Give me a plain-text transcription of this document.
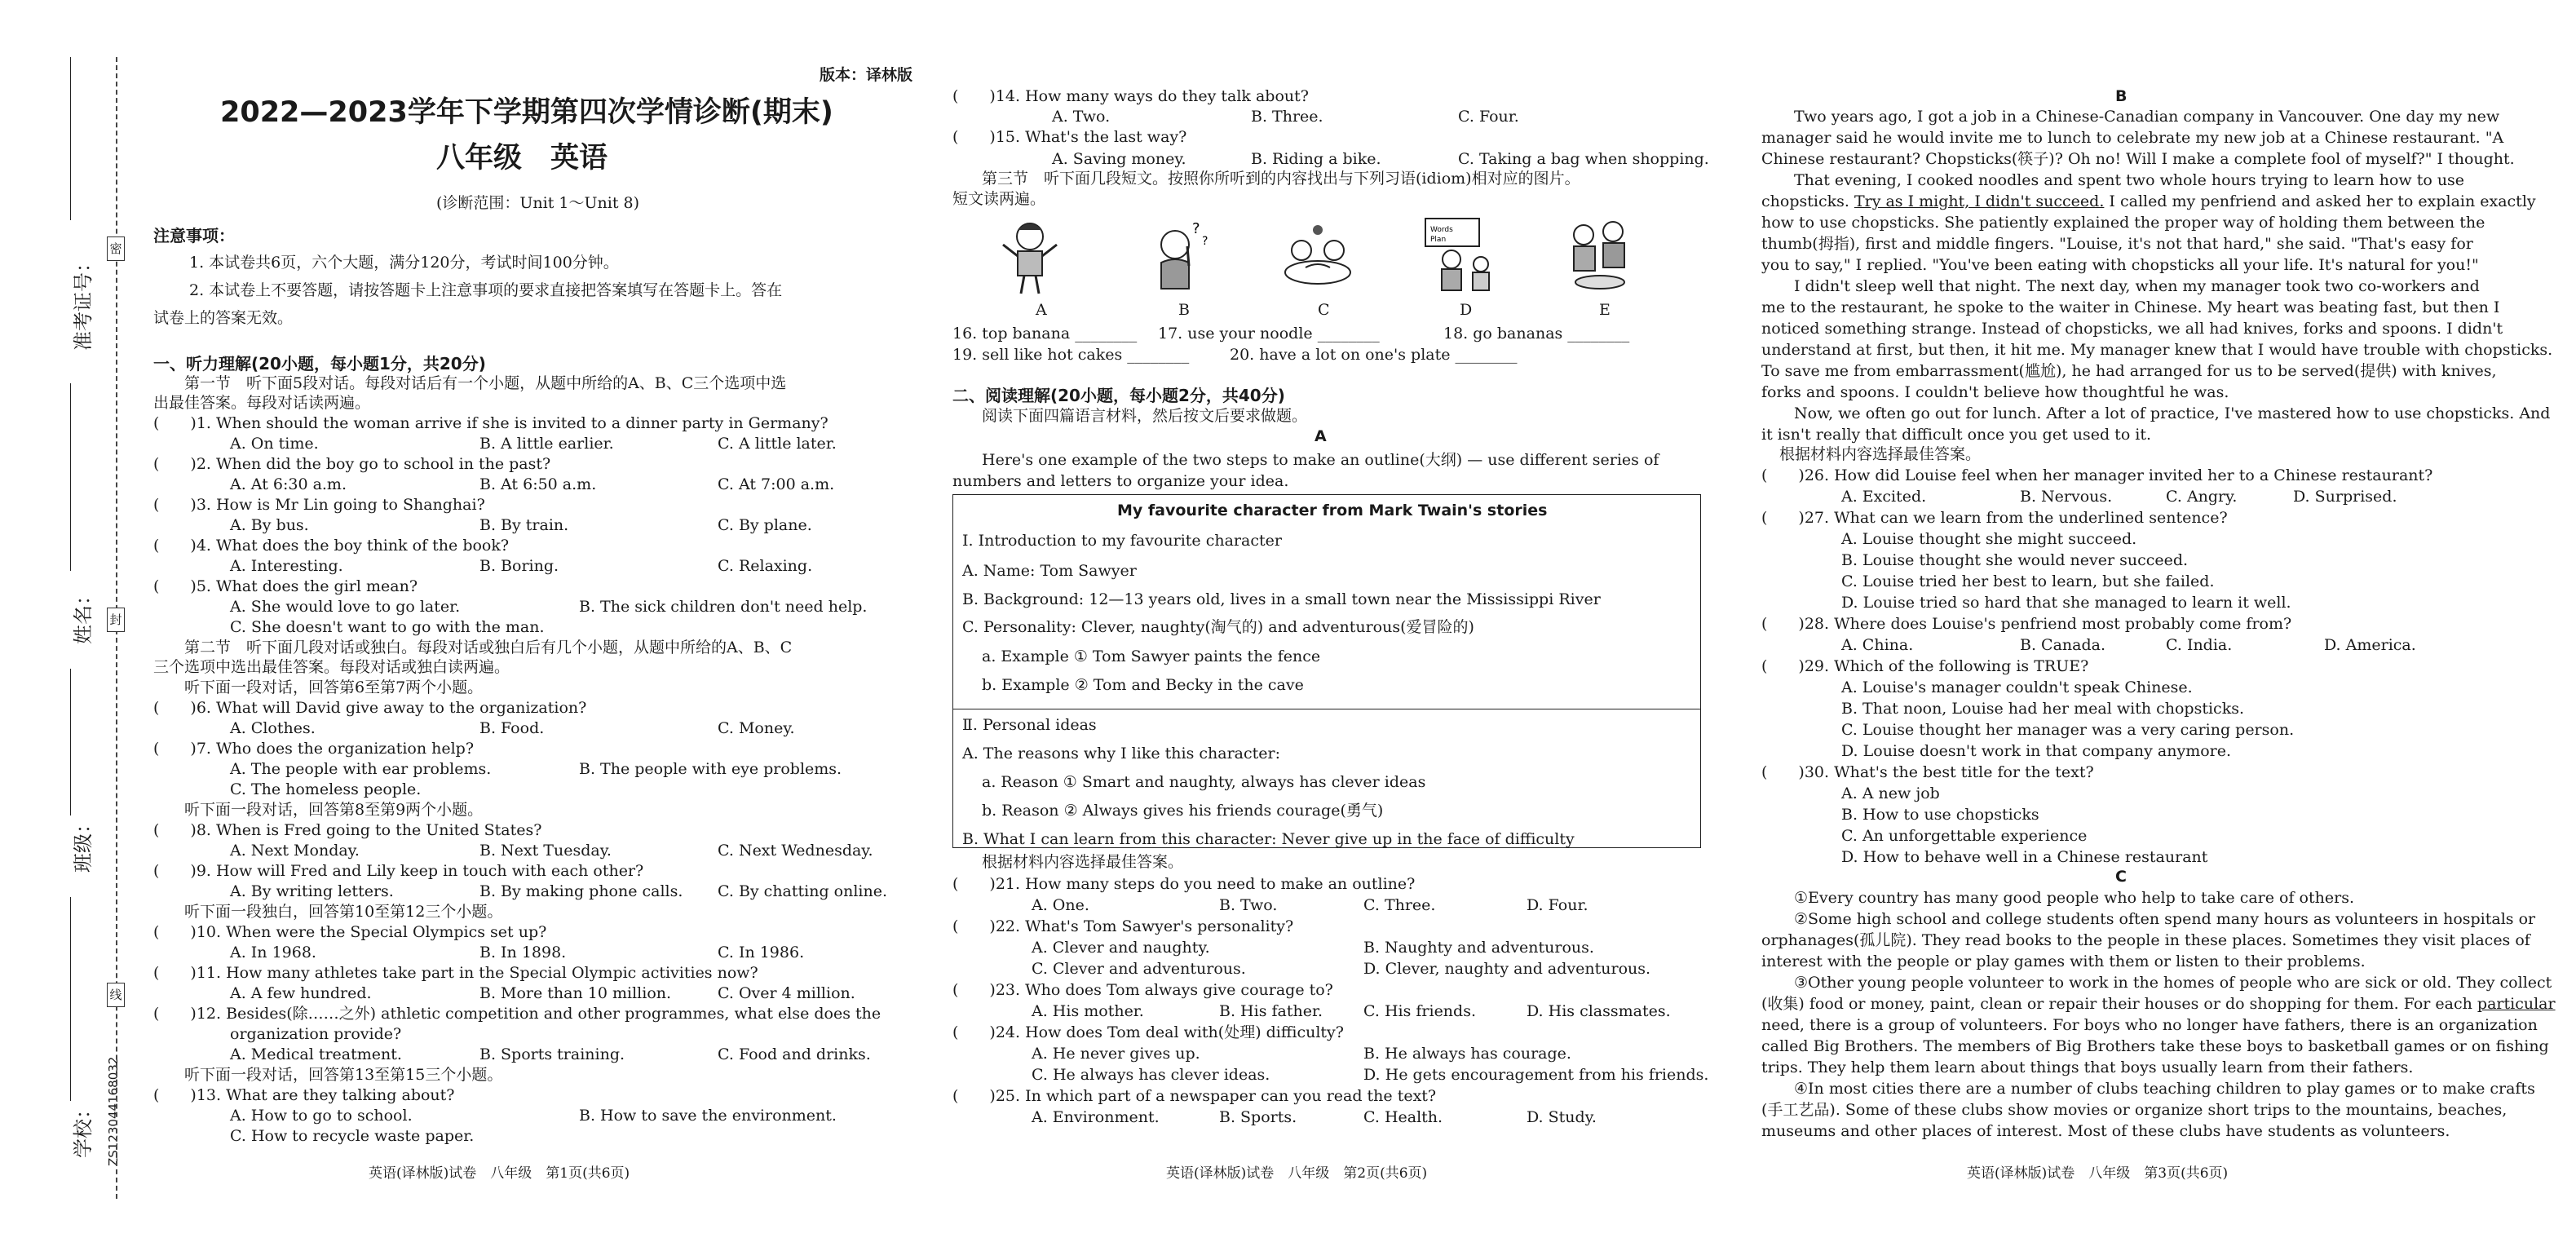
准考证号：
姓名：
班级：
学校： ZS123044168032
密
封
线
版本：译林版
2022—2023学年下学期第四次学情诊断(期末)
八年级　英语
(诊断范围：Unit 1～Unit 8)
注意事项：
1. 本试卷共6页，六个大题，满分120分，考试时间100分钟。
2. 本试卷上不要答题，请按答题卡上注意事项的要求直接把答案填写在答题卡上。答在
试卷上的答案无效。
一、听力理解(20小题，每小题1分，共20分)
第一节　听下面5段对话。每段对话后有一个小题，从题中所给的A、B、C三个选项中选
出最佳答案。每段对话读两遍。
(　　)1. When should the woman arrive if she is invited to a dinner party in Germany?
A. On time.	B. A little earlier.	C. A little later.
(　　)2. When did the boy go to school in the past?
A. At 6:30 a.m.	B. At 6:50 a.m.	C. At 7:00 a.m.
(　　)3. How is Mr Lin going to Shanghai?
A. By bus.	B. By train.	C. By plane.
(　　)4. What does the boy think of the book?
A. Interesting.	B. Boring.	C. Relaxing.
(　　)5. What does the girl mean?
A. She would love to go later.	B. The sick children don't need help.
C. She doesn't want to go with the man.
第二节　听下面几段对话或独白。每段对话或独白后有几个小题，从题中所给的A、B、C
三个选项中选出最佳答案。每段对话或独白读两遍。
听下面一段对话，回答第6至第7两个小题。
(　　)6. What will David give away to the organization?
A. Clothes.	B. Food.	C. Money.
(　　)7. Who does the organization help?
A. The people with ear problems.	B. The people with eye problems.
C. The homeless people.
听下面一段对话，回答第8至第9两个小题。
(　　)8. When is Fred going to the United States?
A. Next Monday.	B. Next Tuesday.	C. Next Wednesday.
(　　)9. How will Fred and Lily keep in touch with each other?
A. By writing letters.	B. By making phone calls. C. By chatting online.
听下面一段独白，回答第10至第12三个小题。
(　　)10. When were the Special Olympics set up?
A. In 1968.	B. In 1898.	C. In 1986.
(　　)11. How many athletes take part in the Special Olympic activities now?
A. A few hundred.	B. More than 10 million.	C. Over 4 million.
(　　)12. Besides(除……之外) athletic competition and other programmes, what else does the
organization provide?
A. Medical treatment.	B. Sports training.	C. Food and drinks.
听下面一段对话，回答第13至第15三个小题。
(　　)13. What are they talking about?
A. How to go to school.	B. How to save the environment.
C. How to recycle waste paper.
英语(译林版)试卷　八年级　第1页(共6页)
(　　)14. How many ways do they talk about?
A. Two.	B. Three.	C. Four.
(　　)15. What's the last way?
A. Saving money.	B. Riding a bike.	C. Taking a bag when shopping.
第三节　听下面几段短文。按照你所听到的内容找出与下列习语(idiom)相对应的图片。
短文读两遍。
?
?
Words
Plan
A	B	C	D	E
16. top banana ________ 17. use your noodle ________	18. go bananas ________
19. sell like hot cakes ________	20. have a lot on one's plate ________
二、阅读理解(20小题，每小题2分，共40分)
阅读下面四篇语言材料，然后按文后要求做题。
A
Here's one example of the two steps to make an outline(大纲) — use different series of
numbers and letters to organize your idea.
My favourite character from Mark Twain's stories
Ⅰ. Introduction to my favourite character
A. Name: Tom Sawyer
B. Background: 12—13 years old, lives in a small town near the Mississippi River
C. Personality: Clever, naughty(淘气的) and adventurous(爱冒险的)
a. Example ① Tom Sawyer paints the fence
b. Example ② Tom and Becky in the cave
Ⅱ. Personal ideas
A. The reasons why I like this character:
a. Reason ① Smart and naughty, always has clever ideas
b. Reason ② Always gives his friends courage(勇气)
B. What I can learn from this character: Never give up in the face of difficulty
根据材料内容选择最佳答案。
(　　)21. How many steps do you need to make an outline?
A. One.	B. Two.	C. Three.	D. Four.
(　　)22. What's Tom Sawyer's personality?
A. Clever and naughty.	B. Naughty and adventurous.
C. Clever and adventurous.	D. Clever, naughty and adventurous.
(　　)23. Who does Tom always give courage to?
A. His mother.	B. His father.	C. His friends.	D. His classmates.
(　　)24. How does Tom deal with(处理) difficulty?
A. He never gives up.	B. He always has courage.
C. He always has clever ideas.	D. He gets encouragement from his friends.
(　　)25. In which part of a newspaper can you read the text?
A. Environment.	B. Sports.	C. Health.	D. Study.
英语(译林版)试卷　八年级　第2页(共6页)
B
Two years ago, I got a job in a Chinese-Canadian company in Vancouver. One day my new
manager said he would invite me to lunch to celebrate my new job at a Chinese restaurant. "A
Chinese restaurant? Chopsticks(筷子)? Oh no! Will I make a complete fool of myself?" I thought.
That evening, I cooked noodles and spent two whole hours trying to learn how to use
chopsticks. Try as I might, I didn't succeed. I called my penfriend and asked her to explain exactly
how to use chopsticks. She patiently explained the proper way of holding them between the
thumb(拇指), first and middle fingers. "Louise, it's not that hard," she said. "That's easy for
you to say," I replied. "You've been eating with chopsticks all your life. It's natural for you!"
I didn't sleep well that night. The next day, when my manager took two co-workers and
me to the restaurant, he spoke to the waiter in Chinese. My heart was beating fast, but then I
noticed something strange. Instead of chopsticks, we all had knives, forks and spoons. I didn't
understand at first, but then, it hit me. My manager knew that I would have trouble with chopsticks.
To save me from embarrassment(尴尬), he had arranged for us to be served(提供) with knives,
forks and spoons. I couldn't believe how thoughtful he was.
Now, we often go out for lunch. After a lot of practice, I've mastered how to use chopsticks. And
it isn't really that difficult once you get used to it.
根据材料内容选择最佳答案。
(　　)26. How did Louise feel when her manager invited her to a Chinese restaurant?
A. Excited.	B. Nervous.	C. Angry.	D. Surprised.
(　　)27. What can we learn from the underlined sentence?
A. Louise thought she might succeed.
B. Louise thought she would never succeed.
C. Louise tried her best to learn, but she failed.
D. Louise tried so hard that she managed to learn it well.
(　　)28. Where does Louise's penfriend most probably come from?
A. China.	B. Canada.	C. India.	D. America.
(　　)29. Which of the following is TRUE?
A. Louise's manager couldn't speak Chinese.
B. That noon, Louise had her meal with chopsticks.
C. Louise thought her manager was a very caring person.
D. Louise doesn't work in that company anymore.
(　　)30. What's the best title for the text?
A. A new job
B. How to use chopsticks
C. An unforgettable experience
D. How to behave well in a Chinese restaurant
C
①Every country has many good people who help to take care of others.
②Some high school and college students often spend many hours as volunteers in hospitals or
orphanages(孤儿院). They read books to the people in these places. Sometimes they visit places of
interest with the people or play games with them or listen to their problems.
③Other young people volunteer to work in the homes of people who are sick or old. They collect
(收集) food or money, paint, clean or repair their houses or do shopping for them. For each particular
need, there is a group of volunteers. For boys who no longer have fathers, there is an organization
called Big Brothers. The members of Big Brothers take these boys to basketball games or on fishing
trips. They help them learn about things that boys usually learn from their fathers.
④In most cities there are a number of clubs teaching children to play games or to make crafts
(手工艺品). Some of these clubs show movies or organize short trips to the mountains, beaches,
museums and other places of interest. Most of these clubs have students as volunteers.
英语(译林版)试卷　八年级　第3页(共6页)
